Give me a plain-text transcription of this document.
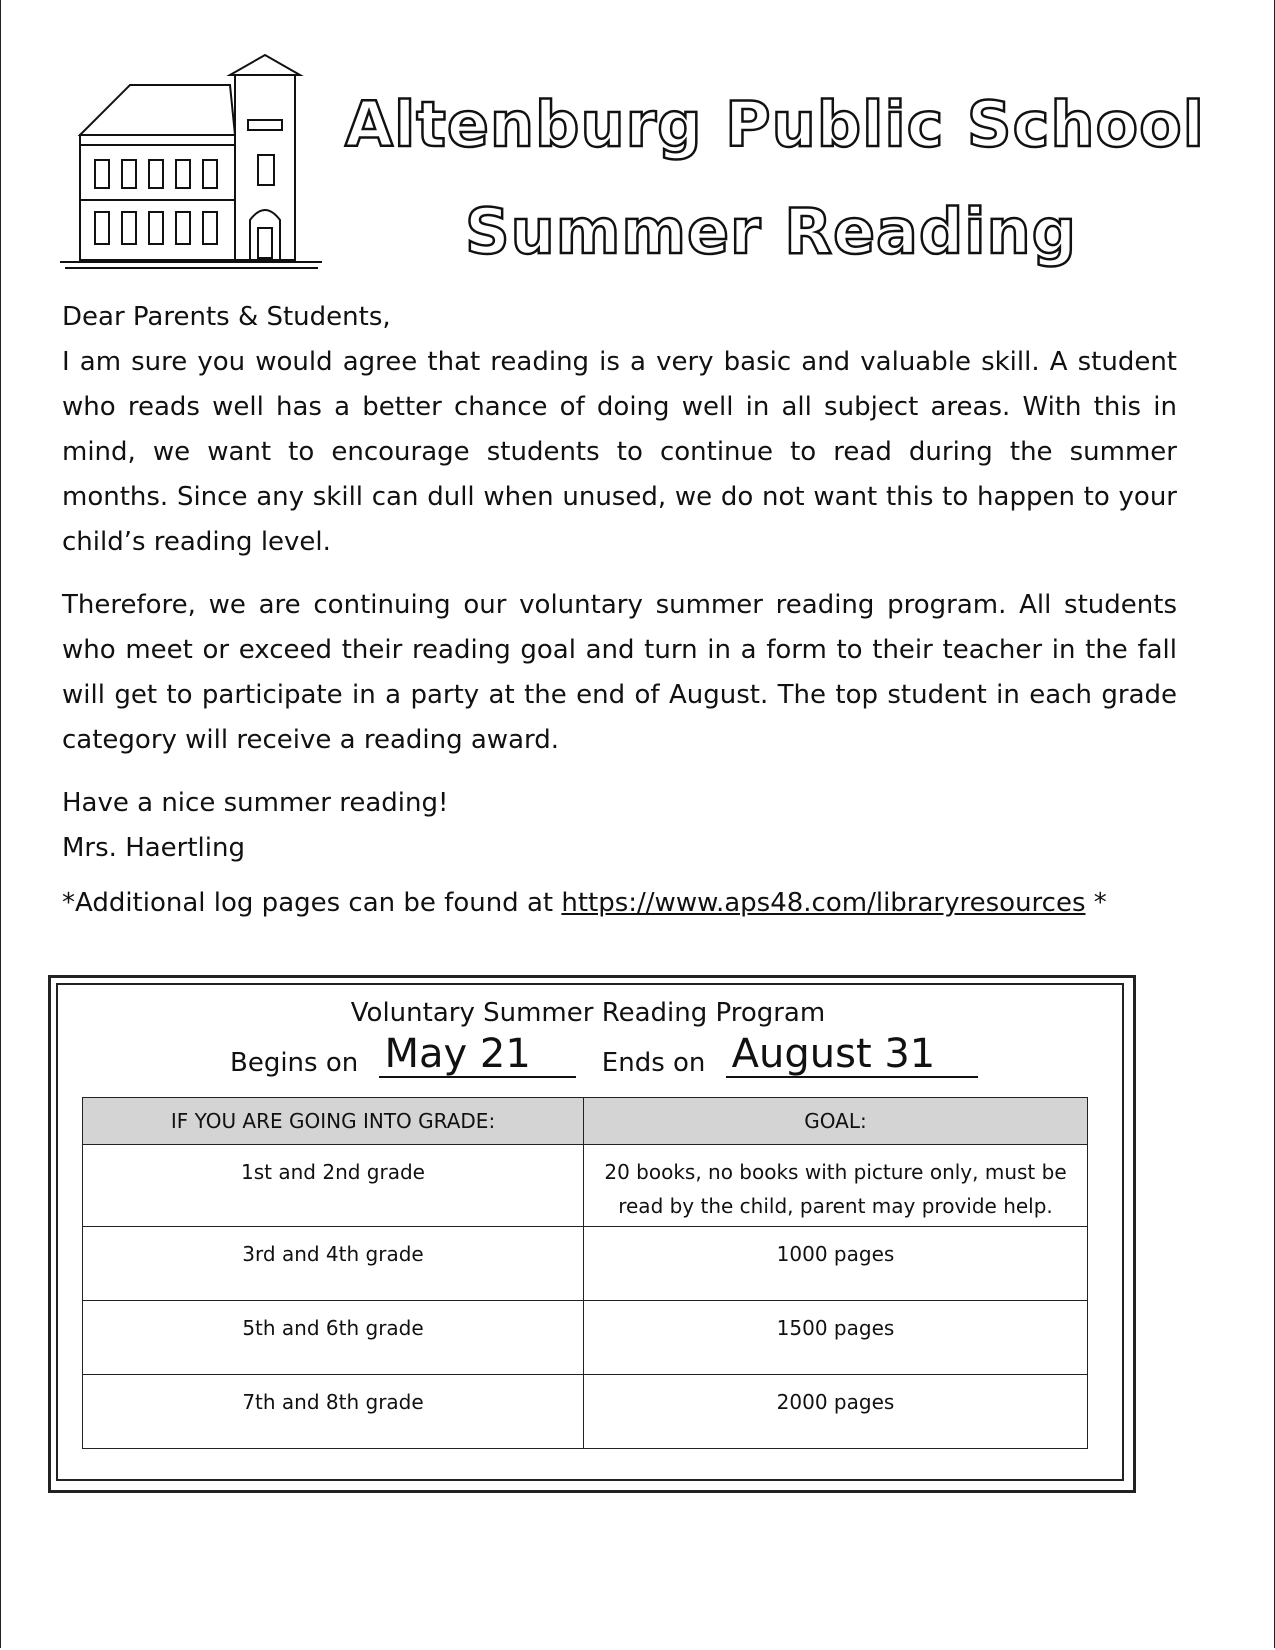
Altenburg Public School
Summer Reading

Dear Parents & Students,

I am sure you would agree that reading is a very basic and valuable skill. A student who reads well has a better chance of doing well in all subject areas. With this in mind, we want to encourage students to continue to read during the summer months. Since any skill can dull when unused, we do not want this to happen to your child’s reading level.

Therefore, we are continuing our voluntary summer reading program. All students who meet or exceed their reading goal and turn in a form to their teacher in the fall will get to participate in a party at the end of August. The top student in each grade category will receive a reading award.

Have a nice summer reading!

Mrs. Haertling

*Additional log pages can be found at https://www.aps48.com/libraryresources *
Voluntary Summer Reading Program
Begins on May 21	Ends on August 31
IF YOU ARE GOING INTO GRADE:	GOAL:
1st and 2nd grade	20 books, no books with picture only, must be read by the child, parent may provide help.
3rd and 4th grade	1000 pages
5th and 6th grade	1500 pages
7th and 8th grade	2000 pages
